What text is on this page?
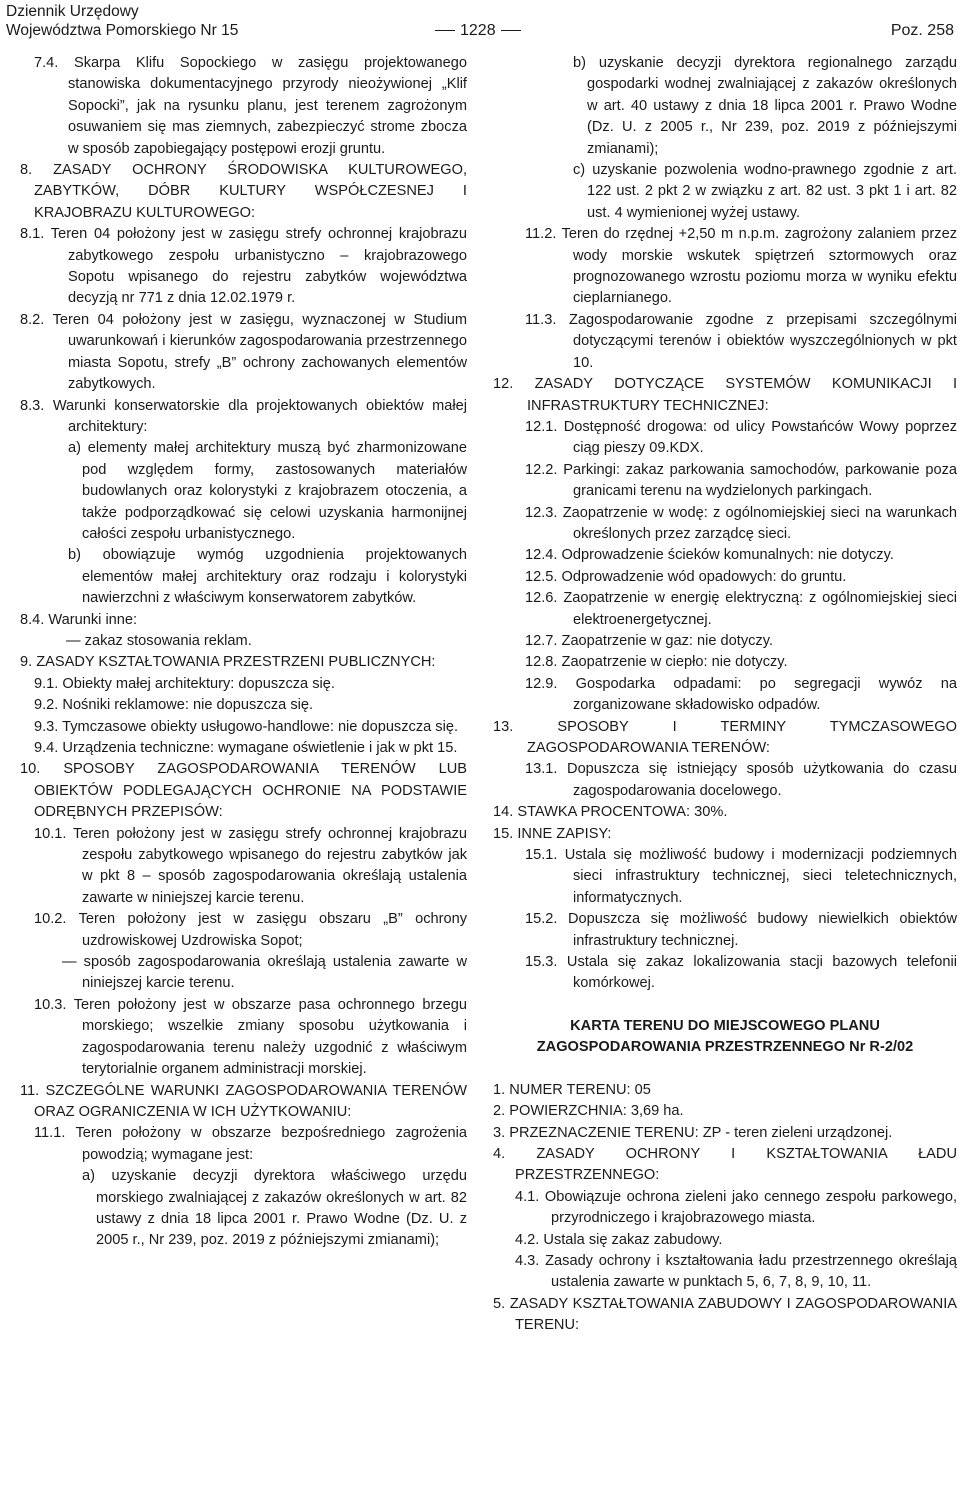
Dziennik Urzędowy
Województwa Pomorskiego Nr 15	1228	Poz. 258
7.4. Skarpa Klifu Sopockiego w zasięgu projektowanego stanowiska dokumentacyjnego przyrody nieożywionej „Klif Sopocki”, jak na rysunku planu, jest terenem zagrożonym osuwaniem się mas ziemnych, zabezpieczyć strome zbocza w sposób zapobiegający postępowi erozji gruntu.
8. ZASADY OCHRONY ŚRODOWISKA KULTUROWEGO, ZABYTKÓW, DÓBR KULTURY WSPÓŁCZESNEJ I KRAJOBRAZU KULTUROWEGO:
8.1. Teren 04 położony jest w zasięgu strefy ochronnej krajobrazu zabytkowego zespołu urbanistyczno – krajobrazowego Sopotu wpisanego do rejestru zabytków województwa decyzją nr 771 z dnia 12.02.1979 r.
8.2. Teren 04 położony jest w zasięgu, wyznaczonej w Studium uwarunkowań i kierunków zagospodarowania przestrzennego miasta Sopotu, strefy „B” ochrony zachowanych elementów zabytkowych.
8.3. Warunki konserwatorskie dla projektowanych obiektów małej architektury:
a) elementy małej architektury muszą być zharmonizowane pod względem formy, zastosowanych materiałów budowlanych oraz kolorystyki z krajobrazem otoczenia, a także podporządkować się celowi uzyskania harmonijnej całości zespołu urbanistycznego.
b) obowiązuje wymóg uzgodnienia projektowanych elementów małej architektury oraz rodzaju i kolorystyki nawierzchni z właściwym konserwatorem zabytków.
8.4. Warunki inne:
— zakaz stosowania reklam.
9. ZASADY KSZTAŁTOWANIA PRZESTRZENI PUBLICZNYCH:
9.1. Obiekty małej architektury: dopuszcza się.
9.2. Nośniki reklamowe: nie dopuszcza się.
9.3. Tymczasowe obiekty usługowo-handlowe: nie dopuszcza się.
9.4. Urządzenia techniczne: wymagane oświetlenie i jak w pkt 15.
10. SPOSOBY ZAGOSPODAROWANIA TERENÓW LUB OBIEKTÓW PODLEGAJĄCYCH OCHRONIE NA PODSTAWIE ODRĘBNYCH PRZEPISÓW:
10.1. Teren położony jest w zasięgu strefy ochronnej krajobrazu zespołu zabytkowego wpisanego do rejestru zabytków jak w pkt 8 – sposób zagospodarowania określają ustalenia zawarte w niniejszej karcie terenu.
10.2. Teren położony jest w zasięgu obszaru „B” ochrony uzdrowiskowej Uzdrowiska Sopot;
— sposób zagospodarowania określają ustalenia zawarte w niniejszej karcie terenu.
10.3. Teren położony jest w obszarze pasa ochronnego brzegu morskiego; wszelkie zmiany sposobu użytkowania i zagospodarowania terenu należy uzgodnić z właściwym terytorialnie organem administracji morskiej.
11. SZCZEGÓLNE WARUNKI ZAGOSPODAROWANIA TERENÓW ORAZ OGRANICZENIA W ICH UŻYTKOWANIU:
11.1. Teren położony w obszarze bezpośredniego zagrożenia powodzią; wymagane jest:
a) uzyskanie decyzji dyrektora właściwego urzędu morskiego zwalniającej z zakazów określonych w art. 82 ustawy z dnia 18 lipca 2001 r. Prawo Wodne (Dz. U. z 2005 r., Nr 239, poz. 2019 z późniejszymi zmianami);
b) uzyskanie decyzji dyrektora regionalnego zarządu gospodarki wodnej zwalniającej z zakazów określonych w art. 40 ustawy z dnia 18 lipca 2001 r. Prawo Wodne (Dz. U. z 2005 r., Nr 239, poz. 2019 z późniejszymi zmianami);
c) uzyskanie pozwolenia wodno-prawnego zgodnie z art. 122 ust. 2 pkt 2 w związku z art. 82 ust. 3 pkt 1 i art. 82 ust. 4 wymienionej wyżej ustawy.
11.2. Teren do rzędnej +2,50 m n.p.m. zagrożony zalaniem przez wody morskie wskutek spiętrzeń sztormowych oraz prognozowanego wzrostu poziomu morza w wyniku efektu cieplarnianego.
11.3. Zagospodarowanie zgodne z przepisami szczególnymi dotyczącymi terenów i obiektów wyszczególnionych w pkt 10.
12. ZASADY DOTYCZĄCE SYSTEMÓW KOMUNIKACJI I INFRASTRUKTURY TECHNICZNEJ:
12.1. Dostępność drogowa: od ulicy Powstańców Wowy poprzez ciąg pieszy 09.KDX.
12.2. Parkingi: zakaz parkowania samochodów, parkowanie poza granicami terenu na wydzielonych parkingach.
12.3. Zaopatrzenie w wodę: z ogólnomiejskiej sieci na warunkach określonych przez zarządcę sieci.
12.4. Odprowadzenie ścieków komunalnych: nie dotyczy.
12.5. Odprowadzenie wód opadowych: do gruntu.
12.6. Zaopatrzenie w energię elektryczną: z ogólnomiejskiej sieci elektroenergetycznej.
12.7. Zaopatrzenie w gaz: nie dotyczy.
12.8. Zaopatrzenie w ciepło: nie dotyczy.
12.9. Gospodarka odpadami: po segregacji wywóz na zorganizowane składowisko odpadów.
13.	SPOSOBY I TERMINY TYMCZASOWEGO ZAGOSPODAROWANIA TERENÓW:
13.1. Dopuszcza się istniejący sposób użytkowania do czasu zagospodarowania docelowego.
14. STAWKA PROCENTOWA: 30%.
15. INNE ZAPISY:
15.1. Ustala się możliwość budowy i modernizacji podziemnych sieci infrastruktury technicznej, sieci teletechnicznych, informatycznych.
15.2. Dopuszcza się możliwość budowy niewielkich obiektów infrastruktury technicznej.
15.3. Ustala się zakaz lokalizowania stacji bazowych telefonii komórkowej.
KARTA TERENU DO MIEJSCOWEGO PLANU ZAGOSPODAROWANIA PRZESTRZENNEGO Nr R-2/02
1. NUMER TERENU: 05
2. POWIERZCHNIA: 3,69 ha.
3. PRZEZNACZENIE TERENU: ZP - teren zieleni urządzonej.
4. ZASADY OCHRONY I KSZTAŁTOWANIA ŁADU PRZESTRZENNEGO:
4.1. Obowiązuje ochrona zieleni jako cennego zespołu parkowego, przyrodniczego i krajobrazowego miasta.
4.2. Ustala się zakaz zabudowy.
4.3. Zasady ochrony i kształtowania ładu przestrzennego określają ustalenia zawarte w punktach 5, 6, 7, 8, 9, 10, 11.
5. ZASADY KSZTAŁTOWANIA ZABUDOWY I ZAGOSPODAROWANIA TERENU:
